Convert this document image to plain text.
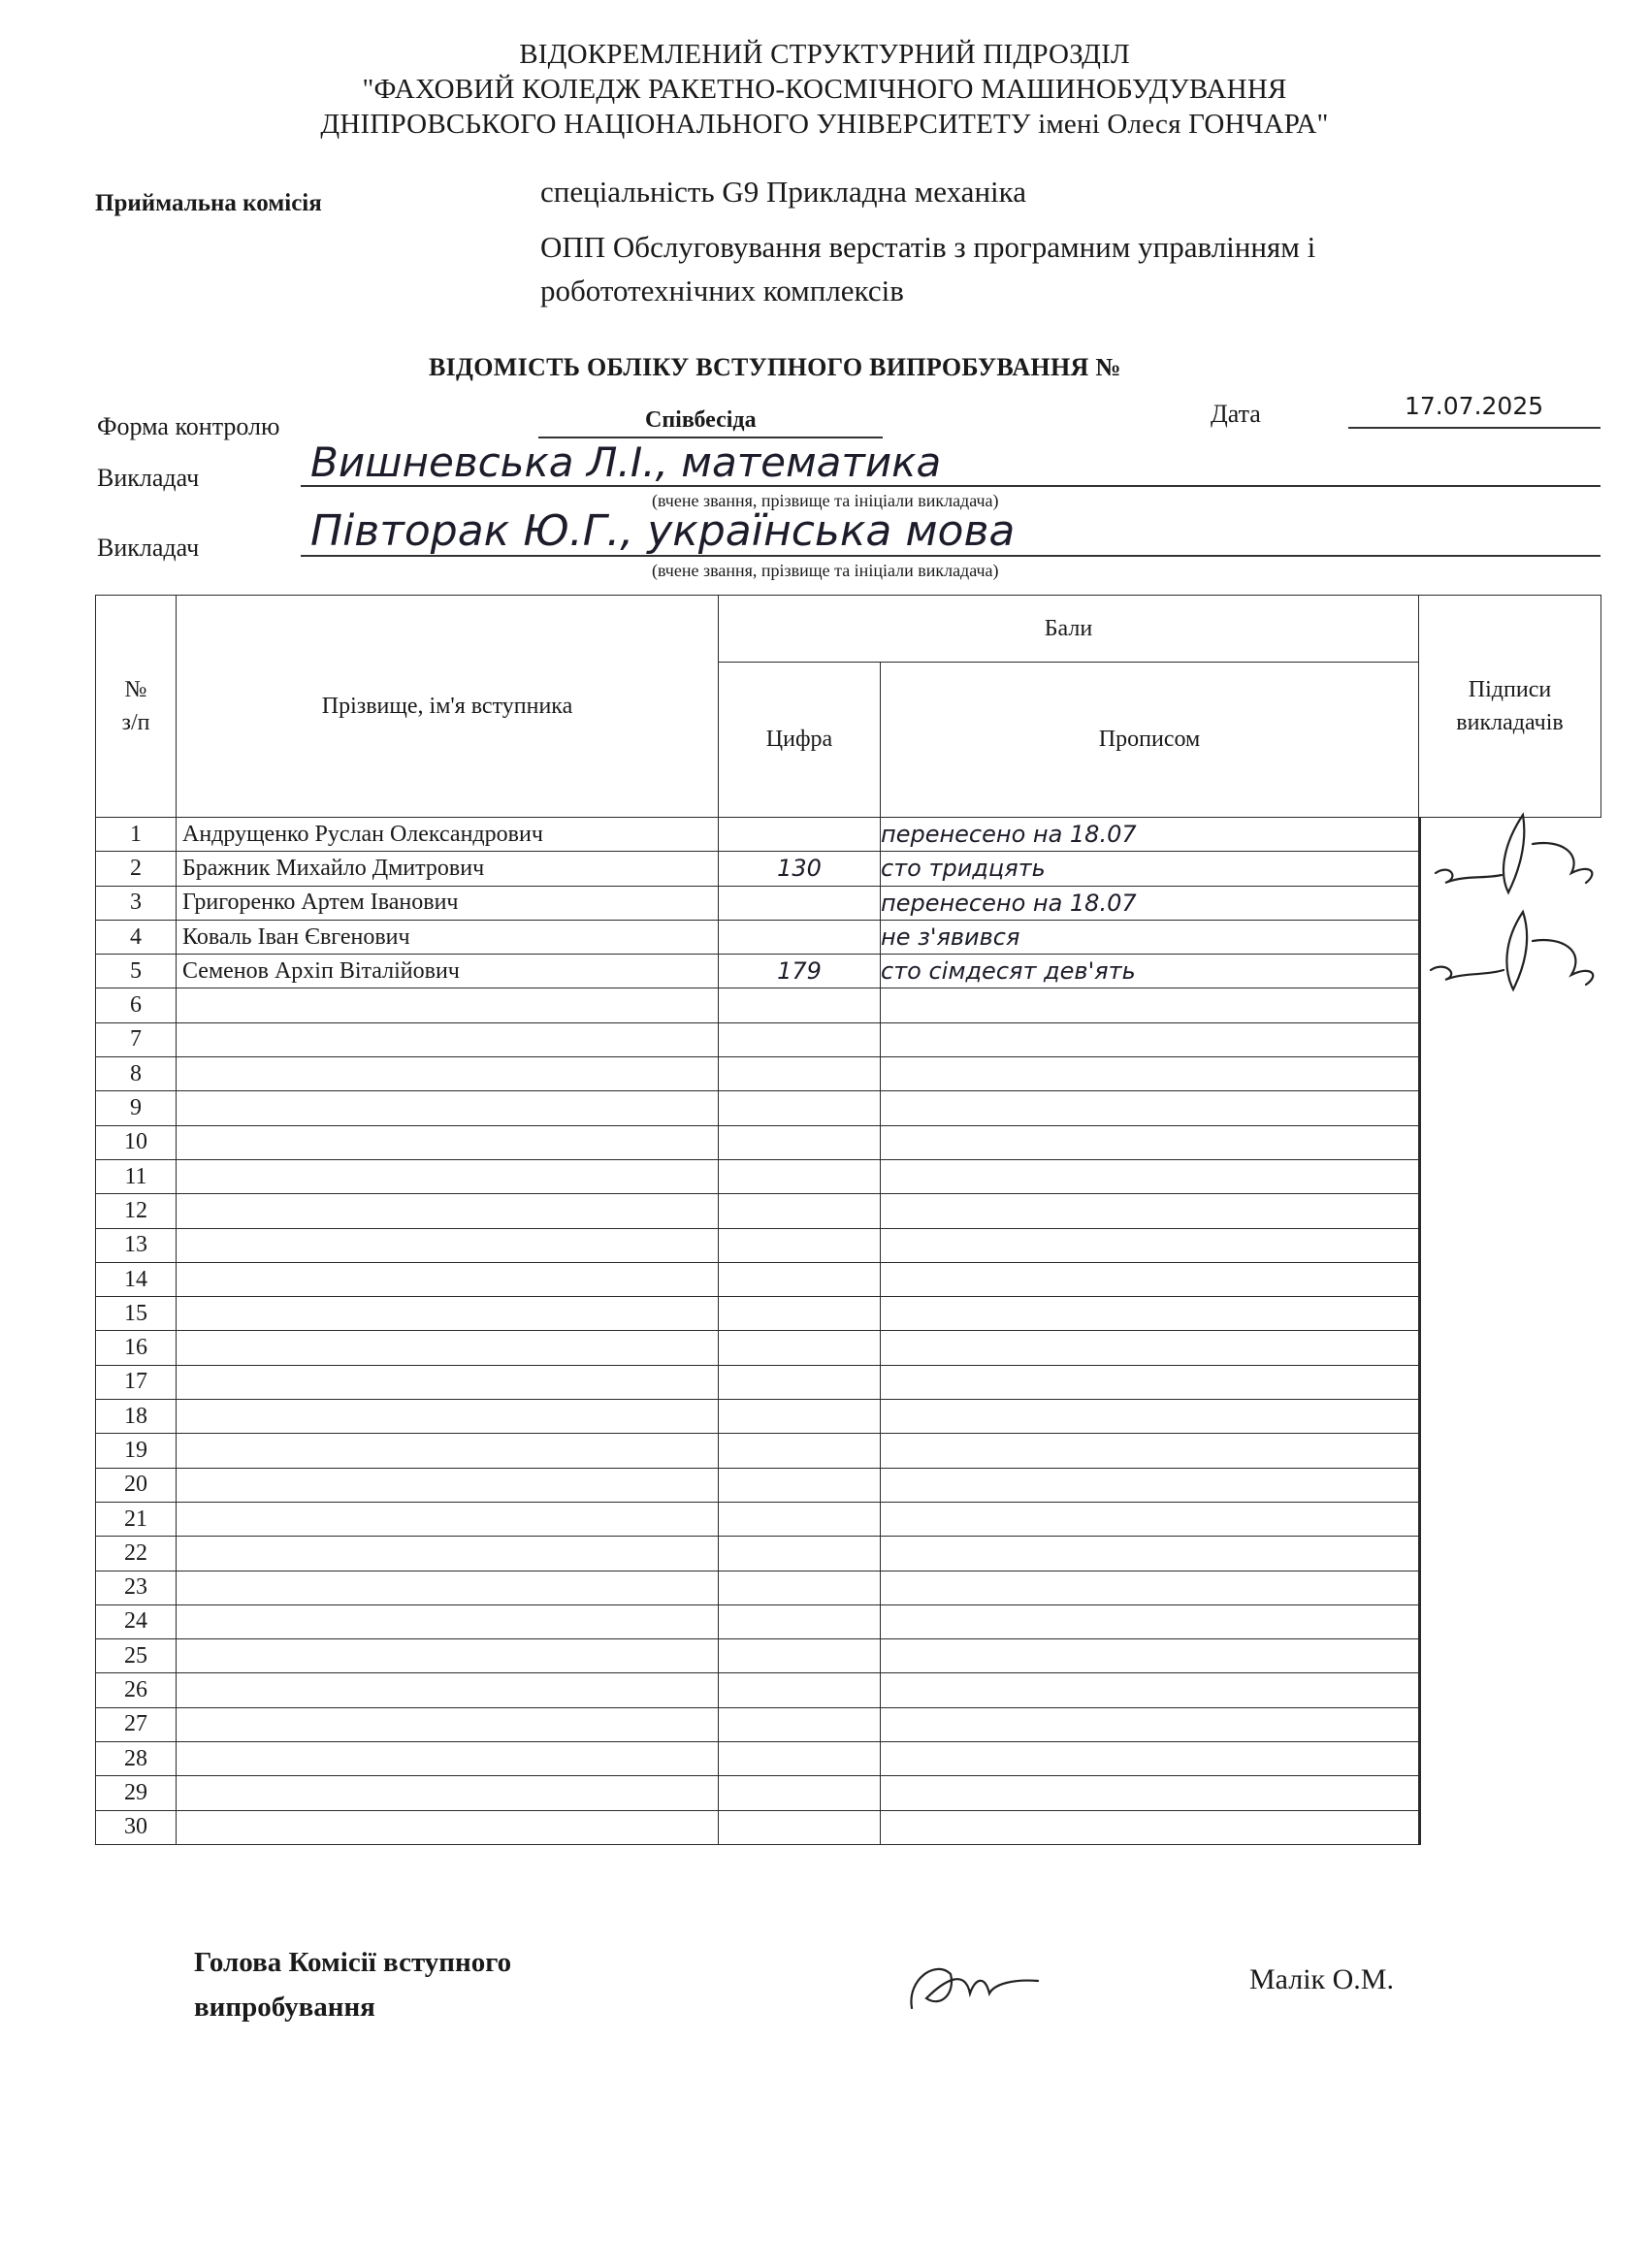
ВІДОКРЕМЛЕНИЙ СТРУКТУРНИЙ ПІДРОЗДІЛ
"ФАХОВИЙ КОЛЕДЖ РАКЕТНО-КОСМІЧНОГО МАШИНОБУДУВАННЯ
ДНІПРОВСЬКОГО НАЦІОНАЛЬНОГО УНІВЕРСИТЕТУ імені Олеся ГОНЧАРА"
Приймальна комісія	спеціальність G9 Прикладна механіка
ОПП Обслуговування верстатів з програмним управлінням і
робототехнічних комплексів
ВІДОМІСТЬ ОБЛІКУ ВСТУПНОГО ВИПРОБУВАННЯ №
Форма контролю	Співбесіда	Дата	17.07.2025
Викладач	Вишневська Л.І., математика
(вчене звання, прізвище та ініціали викладача)
Викладач	Півторак Ю.Г., українська мова
(вчене звання, прізвище та ініціали викладача)
№
з/п	Прізвище, ім'я вступника	Бали		Підписи
викладачів
		Цифра	Прописом	
1	Андрущенко Руслан Олександрович		перенесено на 18.07	

2	Бражник Михайло Дмитрович	130	сто тридцять	

3	Григоренко Артем Іванович		перенесено на 18.07	

4	Коваль Іван Євгенович		не з'явився	

5	Семенов Архіп Віталійович	179	сто сімдесят дев'ять	

6				

7				

8				

9				

10				

11				

12				

13				

14				

15				

16				

17				

18				

19				

20				

21				

22				

23				

24				

25				

26				

27				

28				

29				

30				
Голова Комісії вступного
випробування
Малік О.М.
